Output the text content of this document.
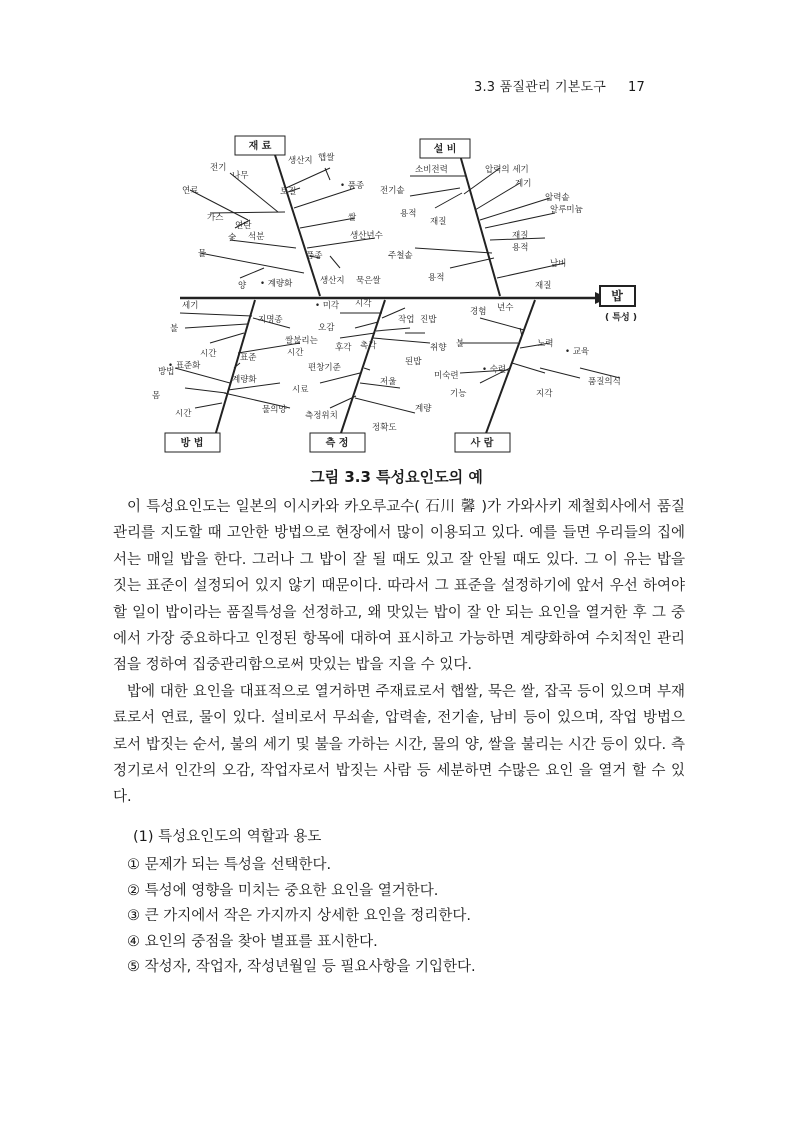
3.3 품질관리 기본도구 17
재 료	설 비
방 법	측 정	사 람
밥
( 특성 )
전기
나무
연료
가스
연탄
숯 석분
물
양 • 계량화
생산지 햅쌀
토질
• 품종
쌀
생산년수
품종
생산지 묵은쌀
소비전력	압력의 세기
계기
전기솥
압력솥
알루미늄
용적
재질
재질
용적
주철솥
용적
남비
재질
세기
불
시간
지명종
쌀불리는
시간
표준
• 표준화
방법
몸
시간
계량화
물의양
• 미각 시각
오감
후각 촉각
작업 진밥
된밥
취향
편창기준
시료
저울
측정위치
계량
정확도
경험 년수
노력
• 교육
불
미숙련
• 숙련
기능	지각
품질의식
그림 3.3 특성요인도의 예

이 특성요인도는 일본의 이시카와 카오루교수( 石川 馨 )가 가와사키 제철회사에서 품질관리를 지도할 때 고안한 방법으로 현장에서 많이 이용되고 있다. 예를 들면 우리들의 집에서는 매일 밥을 한다. 그러나 그 밥이 잘 될 때도 있고 잘 안될 때도 있다. 그 이 유는 밥을 짓는 표준이 설정되어 있지 않기 때문이다. 따라서 그 표준을 설정하기에 앞서 우선 하여야 할 일이 밥이라는 품질특성을 선정하고, 왜 맛있는 밥이 잘 안 되는 요인을 열거한 후 그 중에서 가장 중요하다고 인정된 항목에 대하여 표시하고 가능하면 계량화하여 수치적인 관리점을 정하여 집중관리함으로써 맛있는 밥을 지을 수 있다.

밥에 대한 요인을 대표적으로 열거하면 주재료로서 햅쌀, 묵은 쌀, 잡곡 등이 있으며 부재료로서 연료, 물이 있다. 설비로서 무쇠솥, 압력솥, 전기솥, 남비 등이 있으며, 작업 방법으로서 밥짓는 순서, 불의 세기 및 불을 가하는 시간, 물의 양, 쌀을 불리는 시간 등이 있다. 측정기로서 인간의 오감, 작업자로서 밥짓는 사람 등 세분하면 수많은 요인 을 열거 할 수 있다.

(1) 특성요인도의 역할과 용도
① 문제가 되는 특성을 선택한다.
② 특성에 영향을 미치는 중요한 요인을 열거한다.
③ 큰 가지에서 작은 가지까지 상세한 요인을 정리한다.
④ 요인의 중점을 찾아 별표를 표시한다.
⑤ 작성자, 작업자, 작성년월일 등 필요사항을 기입한다.
